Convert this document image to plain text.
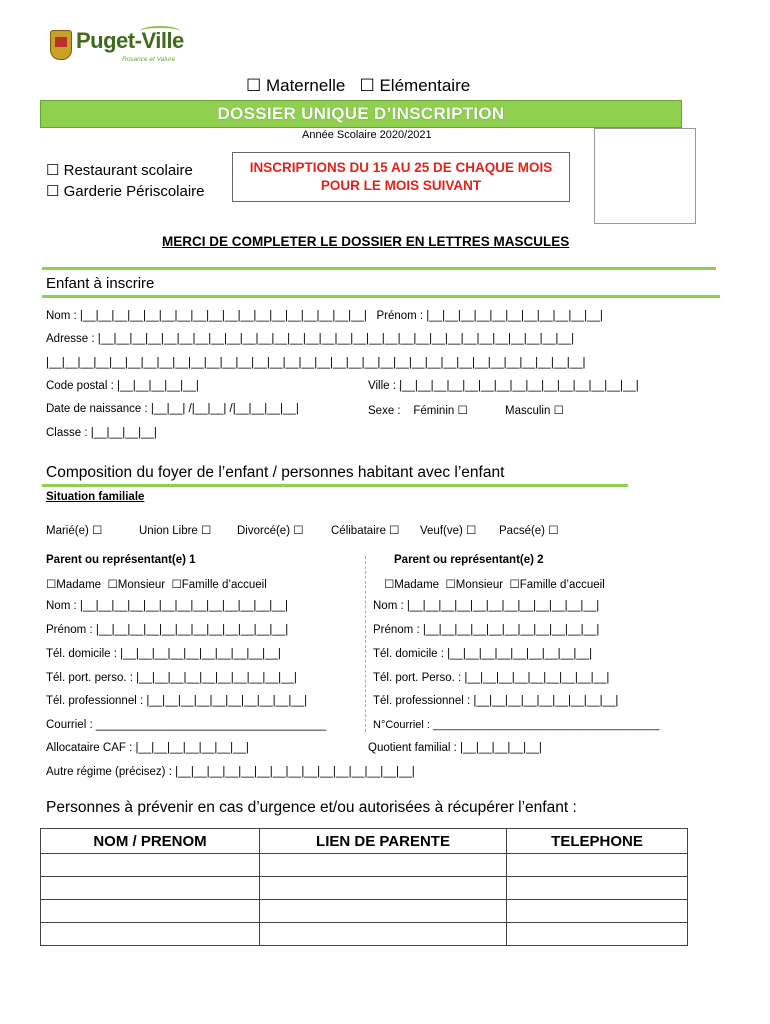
Puget-Ville
Rosance et Valure
☐ Maternelle   ☐ Elémentaire
DOSSIER UNIQUE D’INSCRIPTION
Année Scolaire 2020/2021
☐ Restaurant scolaire
☐ Garderie Périscolaire
INSCRIPTIONS DU 15 AU 25 DE CHAQUE MOIS
POUR LE MOIS SUIVANT
MERCI DE COMPLETER LE DOSSIER EN LETTRES MASCULES
Enfant à inscrire
Nom : |__|__|__|__|__|__|__|__|__|__|__|__|__|__|__|__|__|__|   Prénom : |__|__|__|__|__|__|__|__|__|__|__|
Adresse : |__|__|__|__|__|__|__|__|__|__|__|__|__|__|__|__|__|__|__|__|__|__|__|__|__|__|__|__|__|__|
|__|__|__|__|__|__|__|__|__|__|__|__|__|__|__|__|__|__|__|__|__|__|__|__|__|__|__|__|__|__|__|__|__|__|
Code postal : |__|__|__|__|__|	Ville : |__|__|__|__|__|__|__|__|__|__|__|__|__|__|__|
Date de naissance : |__|__| /|__|__| /|__|__|__|__|	Sexe :    Féminin ☐	Masculin ☐
Classe : |__|__|__|__|
Composition du foyer de l’enfant / personnes habitant avec l’enfant
Situation familiale
Marié(e) ☐	Union Libre ☐ Divorcé(e) ☐ Célibataire ☐ Veuf(ve) ☐ Pacsé(e) ☐
Parent ou représentant(e) 1
☐Madame  ☐Monsieur  ☐Famille d’accueil
Nom : |__|__|__|__|__|__|__|__|__|__|__|__|__|
Prénom : |__|__|__|__|__|__|__|__|__|__|__|__|
Tél. domicile : |__|__|__|__|__|__|__|__|__|__|
Tél. port. perso. : |__|__|__|__|__|__|__|__|__|__|
Tél. professionnel : |__|__|__|__|__|__|__|__|__|__|
Courriel : ____________________________________
Allocataire CAF : |__|__|__|__|__|__|__|
Autre régime (précisez) : |__|__|__|__|__|__|__|__|__|__|__|__|__|__|__|
Parent ou représentant(e) 2
☐Madame  ☐Monsieur  ☐Famille d’accueil
Nom : |__|__|__|__|__|__|__|__|__|__|__|__|
Prénom : |__|__|__|__|__|__|__|__|__|__|__|
Tél. domicile : |__|__|__|__|__|__|__|__|__|
Tél. port. Perso. : |__|__|__|__|__|__|__|__|__|
Tél. professionnel : |__|__|__|__|__|__|__|__|__|
N°Courriel : _____________________________________
Quotient familial : |__|__|__|__|__|
Personnes à prévenir en cas d’urgence et/ou autorisées à récupérer l’enfant :
NOM / PRENOM	LIEN DE PARENTE	TELEPHONE
